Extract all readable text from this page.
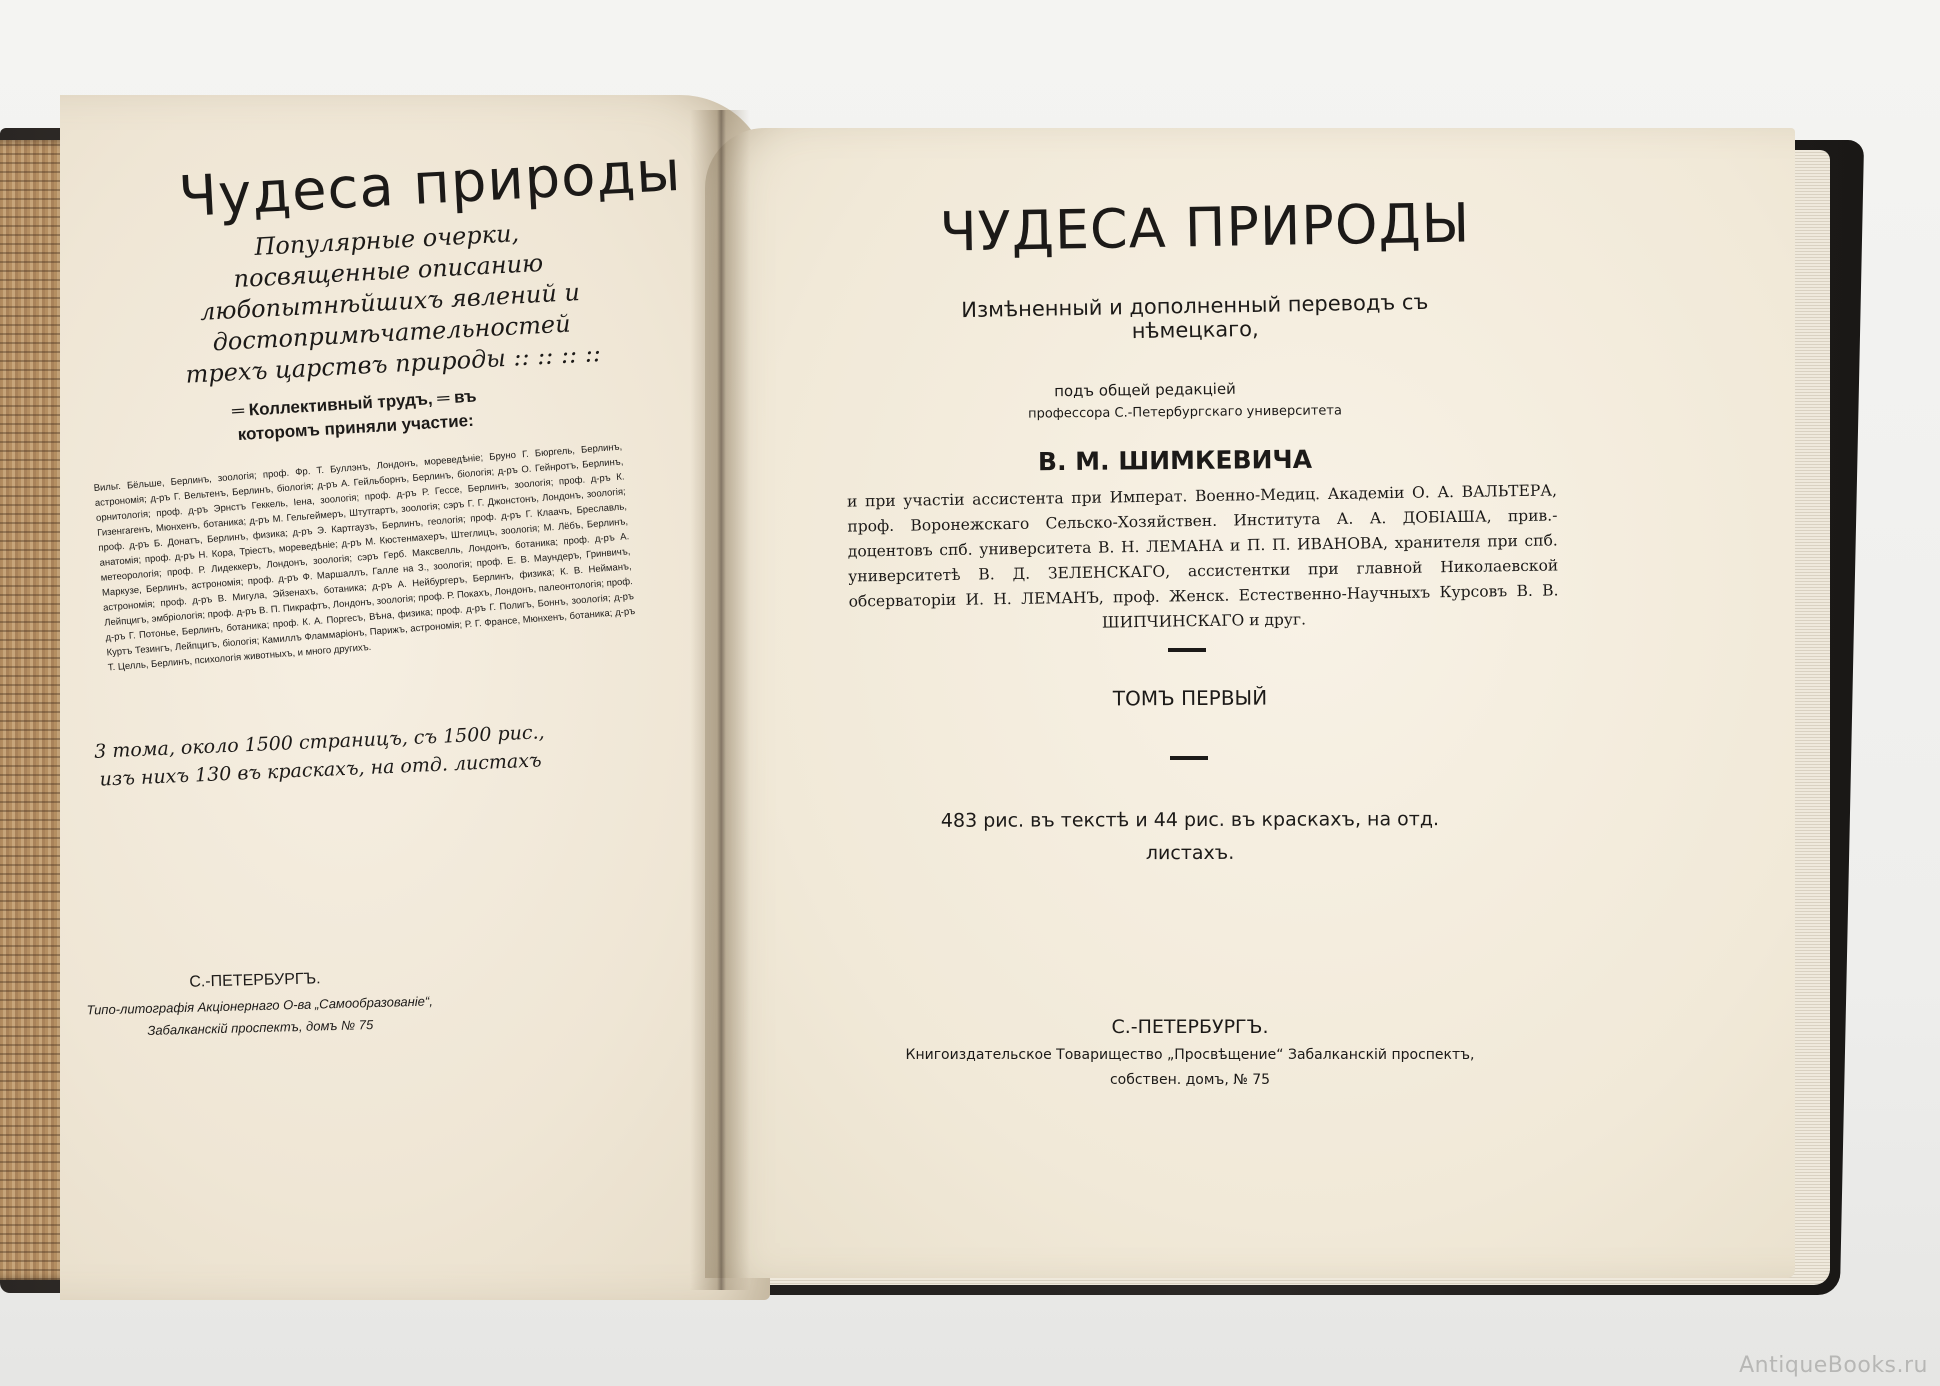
Чудеса природы
Популярные очерки, посвященные описанию любопытнѣйшихъ явлений и достопримѣчательностей трехъ царствъ природы :: :: :: ::
═ Коллективный трудъ, ═ въ которомъ приняли участие:
Вильг. Бёльше, Берлинъ, зоологія; проф. Фр. Т. Буллэнъ, Лондонъ, мореведѣніе; Бруно Г. Бюргель, Берлинъ, астрономія; д-ръ Г. Вельтенъ, Берлинъ, біологія; д-ръ А. Гейльборнъ, Берлинъ, біологія; д-ръ О. Гейнротъ, Берлинъ, орнитологія; проф. д-ръ Эрнстъ Геккель, Іена, зоологія; проф. д-ръ Р. Гессе, Берлинъ, зоологія; проф. д-ръ К. Гизенгагенъ, Мюнхенъ, ботаника; д-ръ М. Гельгеймеръ, Штутгартъ, зоологія; сэръ Г. Г. Джонстонъ, Лондонъ, зоологія; проф. д-ръ Б. Донатъ, Берлинъ, физика; д-ръ Э. Картгаузъ, Берлинъ, геологія; проф. д-ръ Г. Клаачъ, Бреславль, анатомія; проф. д-ръ Н. Кора, Тріестъ, мореведѣніе; д-ръ М. Кюстенмахеръ, Штеглицъ, зоологія; М. Лёбъ, Берлинъ, метеорологія; проф. Р. Лидеккеръ, Лондонъ, зоологія; сэръ Герб. Максвелль, Лондонъ, ботаника; проф. д-ръ А. Маркузе, Берлинъ, астрономія; проф. д-ръ Ф. Маршаллъ, Галле на З., зоологія; проф. Е. В. Маундеръ, Гринвичъ, астрономія; проф. д-ръ В. Мигула, Эйзенахъ, ботаника; д-ръ А. Нейбургеръ, Берлинъ, физика; К. В. Нейманъ, Лейпцигъ, эмбріологія; проф. д-ръ В. П. Пикрафтъ, Лондонъ, зоологія; проф. Р. Покахъ, Лондонъ, палеонтологія; проф. д-ръ Г. Потонье, Берлинъ, ботаника; проф. К. А. Поргесъ, Вѣна, физика; проф. д-ръ Г. Полигъ, Боннъ, зоологія; д-ръ Куртъ Тезингъ, Лейпцигъ, біологія; Камиллъ Фламмаріонъ, Парижъ, астрономія; Р. Г. Франсе, Мюнхенъ, ботаника; д-ръ Т. Целль, Берлинъ, психологія животныхъ, и много другихъ.
3 тома, около 1500 страницъ, съ 1500 рис., изъ нихъ 130 въ краскахъ, на отд. листахъ
С.-ПЕТЕРБУРГЪ.
Типо-литографія Акціонернаго О-ва „Самообразованіе“, Забалканскій проспектъ, домъ № 75
ЧУДЕСА ПРИРОДЫ
Измѣненный и дополненный переводъ съ нѣмецкаго,
подъ общей редакцiей
профессора С.-Петербургскаго университета
В. М. ШИМКЕВИЧА
и при участiи ассистента при Императ. Военно-Медиц. Академiи О. А. ВАЛЬТЕРА, проф. Воронежскаго Сельско-Хозяйствен. Института А. А. ДОБIАША, прив.-доцентовъ спб. университета В. Н. ЛЕМАНА и П. П. ИВАНОВА, хранителя при спб. университетѣ В. Д. ЗЕЛЕНСКАГО, ассистентки при главной Николаевской обсерваторiи И. Н. ЛЕМАНЪ, проф. Женск. Естественно-Научныхъ Курсовъ В. В. ШИПЧИНСКАГО и друг.
ТОМЪ ПЕРВЫЙ
483 рис. въ текстѣ и 44 рис. въ краскахъ, на отд. листахъ.
С.-ПЕТЕРБУРГЪ.
Книгоиздательское Товарищество „Просвѣщение“ Забалканскiй проспектъ, собствен. домъ, № 75
AntiqueBooks.ru
